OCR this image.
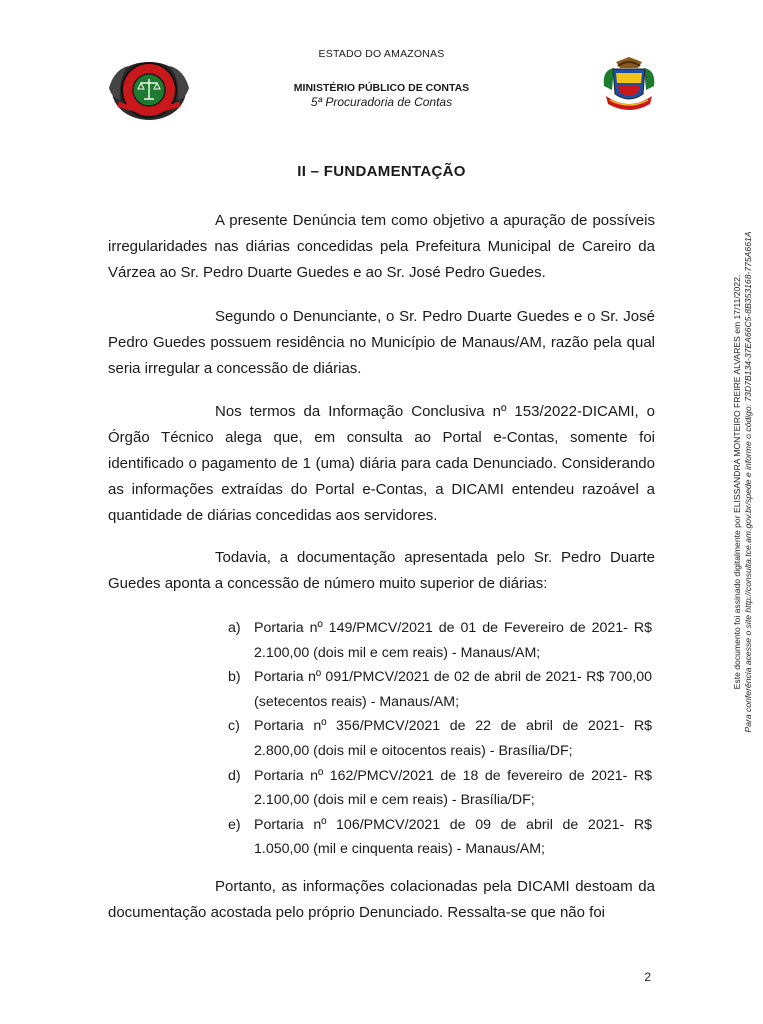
ESTADO DO AMAZONAS
MINISTÉRIO PÚBLICO DE CONTAS
5ª Procuradoria de Contas
II – FUNDAMENTAÇÃO

A presente Denúncia tem como objetivo a apuração de possíveis irregularidades nas diárias concedidas pela Prefeitura Municipal de Careiro da Várzea ao Sr. Pedro Duarte Guedes e ao Sr. José Pedro Guedes.

Segundo o Denunciante, o Sr. Pedro Duarte Guedes e o Sr. José Pedro Guedes possuem residência no Município de Manaus/AM, razão pela qual seria irregular a concessão de diárias.

Nos termos da Informação Conclusiva nº 153/2022-DICAMI, o Órgão Técnico alega que, em consulta ao Portal e-Contas, somente foi identificado o pagamento de 1 (uma) diária para cada Denunciado. Considerando as informações extraídas do Portal e-Contas, a DICAMI entendeu razoável a quantidade de diárias concedidas aos servidores.

Todavia, a documentação apresentada pelo Sr. Pedro Duarte Guedes aponta a concessão de número muito superior de diárias:

a) Portaria nº 149/PMCV/2021 de 01 de Fevereiro de 2021- R$ 2.100,00 (dois mil e cem reais) - Manaus/AM;
b) Portaria nº 091/PMCV/2021 de 02 de abril de 2021- R$ 700,00 (setecentos reais) - Manaus/AM;
c) Portaria nº 356/PMCV/2021 de 22 de abril de 2021- R$ 2.800,00 (dois mil e oitocentos reais) - Brasília/DF;
d) Portaria nº 162/PMCV/2021 de 18 de fevereiro de 2021- R$ 2.100,00 (dois mil e cem reais) - Brasília/DF;
e) Portaria nº 106/PMCV/2021 de 09 de abril de 2021- R$ 1.050,00 (mil e cinquenta reais) - Manaus/AM;

Portanto, as informações colacionadas pela DICAMI destoam da documentação acostada pelo próprio Denunciado. Ressalta-se que não foi

2
Este documento foi assinado digitalmente por ELISSANDRA MONTEIRO FREIRE ALVARES em 17/11/2022. Para conferência acesse o site http://consulta.tce.am.gov.br/spede e informe o código: 73D7B134-37EA66C5-8B353168-775A661A
